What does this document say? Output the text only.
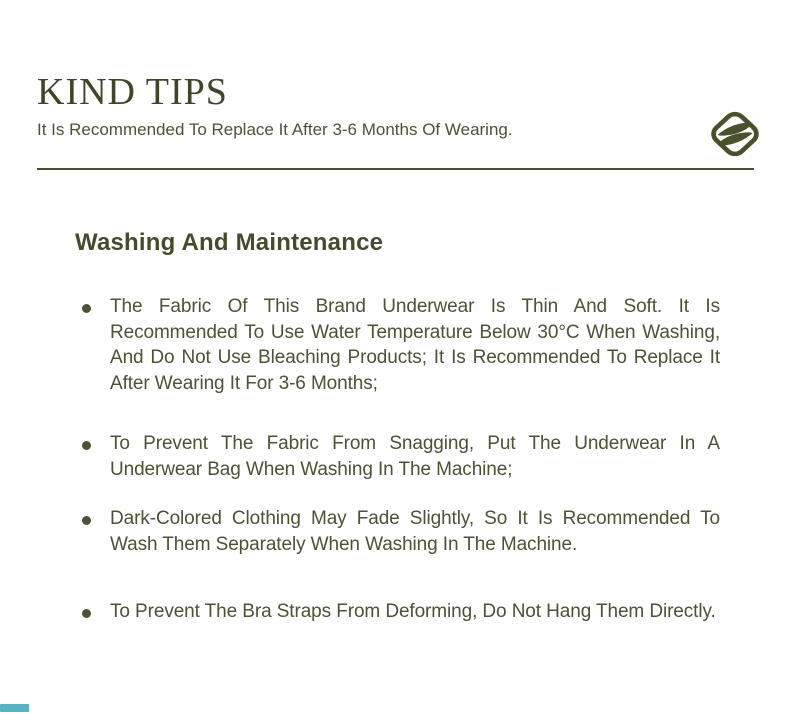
KIND TIPS
It Is Recommended To Replace It After 3-6 Months Of Wearing.
Washing And Maintenance
The Fabric Of This Brand Underwear Is Thin And Soft. It Is Recommended To Use Water Temperature Below 30°C When Washing, And Do Not Use Bleaching Products; It Is Recommended To Replace It After Wearing It For 3-6 Months;
To Prevent The Fabric From Snagging, Put The Underwear In A Underwear Bag When Washing In The Machine;
Dark-Colored Clothing May Fade Slightly, So It Is Recommended To Wash Them Separately When Washing In The Machine.
To Prevent The Bra Straps From Deforming, Do Not Hang Them Directly.
